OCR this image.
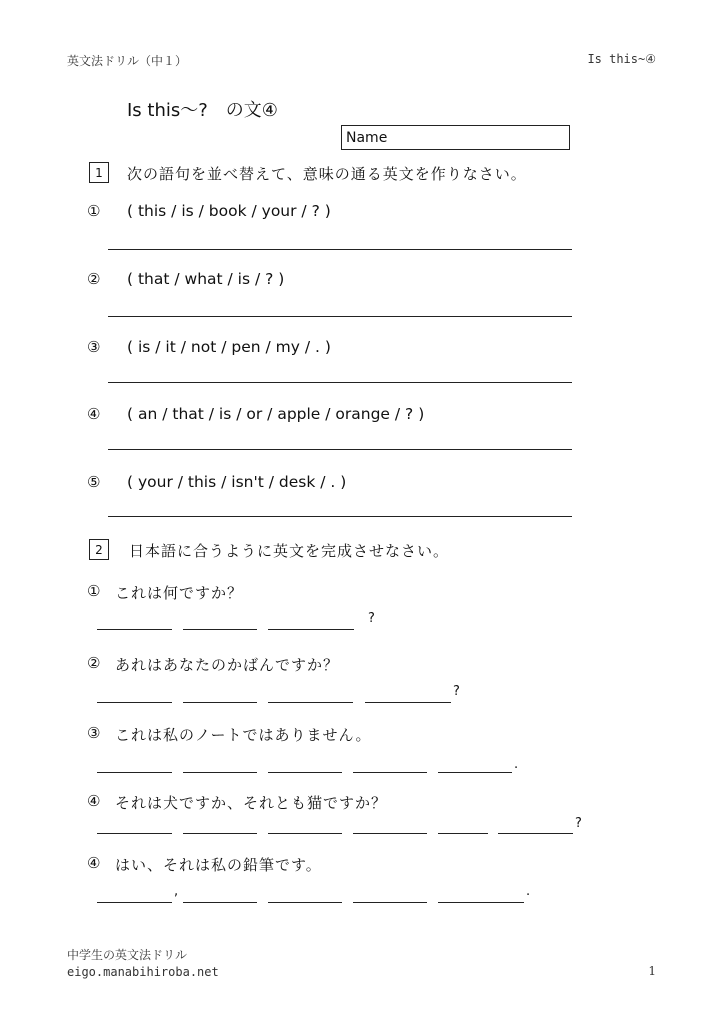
英文法ドリル（中１）	Is this~④
Is this～?　の文④
Name
1	次の語句を並べ替えて、意味の通る英文を作りなさい。
① ( this / is / book / your / ? )
② ( that / what / is / ? )
③ ( is / it / not / pen / my / . )
④ ( an / that / is / or / apple / orange / ? )
⑤ ( your / this / isn't / desk / . )
2	日本語に合うように英文を完成させなさい。
① これは何ですか？
?
② あれはあなたのかばんですか？
?
③ これは私のノートではありません。
.
④ それは犬ですか、それとも猫ですか？
?
④ はい、それは私の鉛筆です。
,	.
中学生の英文法ドリル
eigo.manabihiroba.net	1
